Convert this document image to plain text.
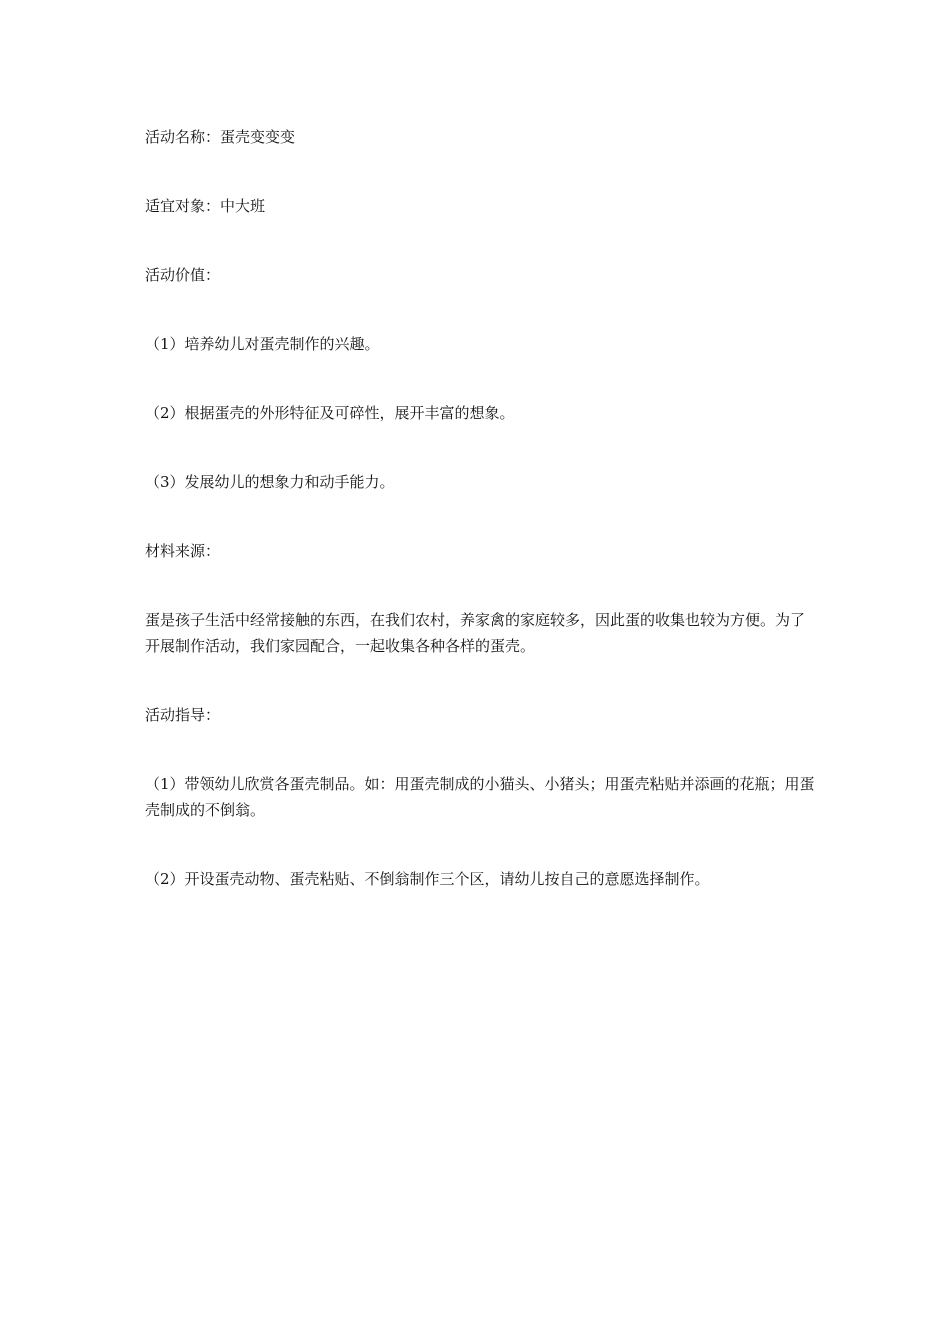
活动名称：蛋壳变变变

适宜对象：中大班

活动价值：

（1）培养幼儿对蛋壳制作的兴趣。

（2）根据蛋壳的外形特征及可碎性，展开丰富的想象。

（3）发展幼儿的想象力和动手能力。

材料来源：

蛋是孩子生活中经常接触的东西，在我们农村，养家禽的家庭较多，因此蛋的收集也较为方便。为了开展制作活动，我们家园配合，一起收集各种各样的蛋壳。

活动指导：

（1）带领幼儿欣赏各蛋壳制品。如：用蛋壳制成的小猫头、小猪头；用蛋壳粘贴并添画的花瓶；用蛋壳制成的不倒翁。

（2）开设蛋壳动物、蛋壳粘贴、不倒翁制作三个区，请幼儿按自己的意愿选择制作。
